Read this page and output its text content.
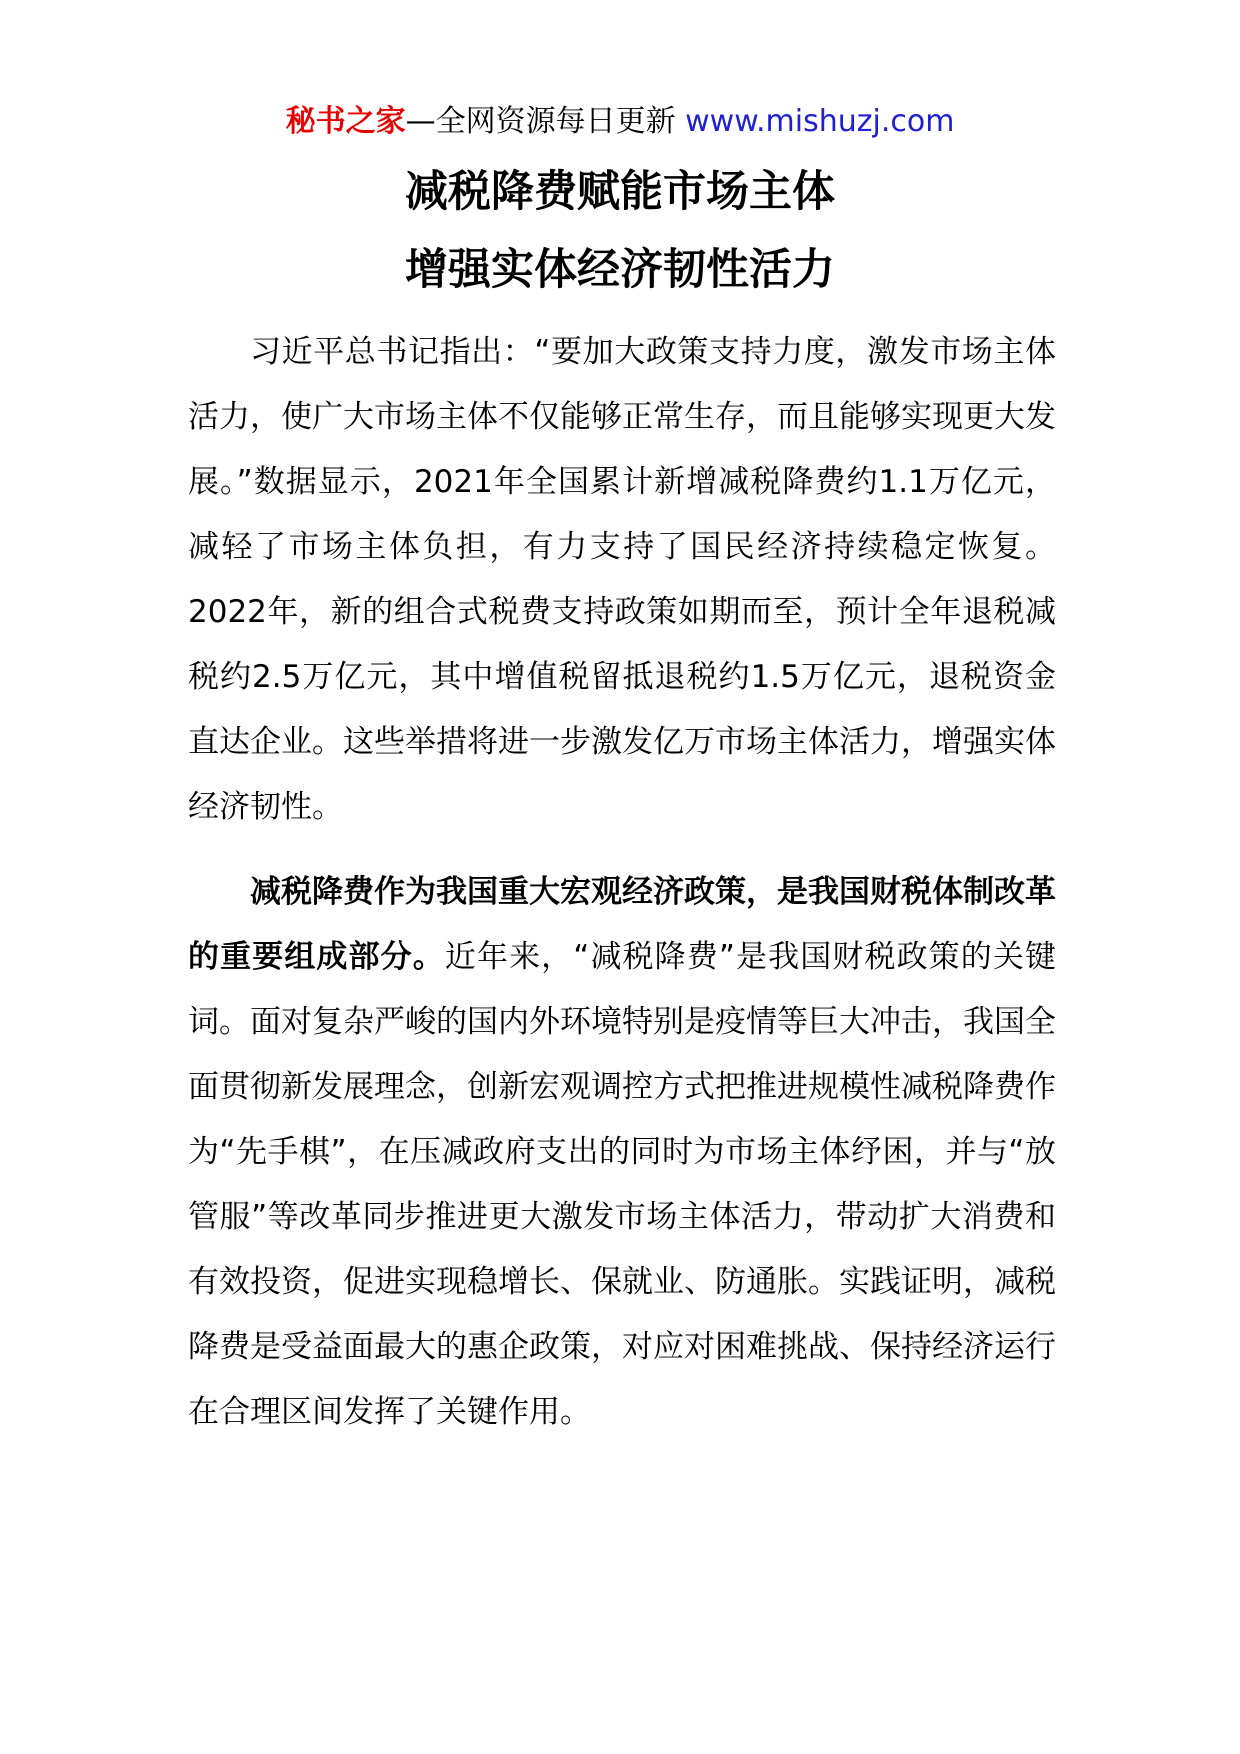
秘书之家—全网资源每日更新 www.mishuzj.com
减税降费赋能市场主体
增强实体经济韧性活力

习近平总书记指出：“要加大政策支持力度，激发市场主体活力，使广大市场主体不仅能够正常生存，而且能够实现更大发展。”数据显示，2021年全国累计新增减税降费约1.1万亿元，减轻了市场主体负担，有力支持了国民经济持续稳定恢复。2022年，新的组合式税费支持政策如期而至，预计全年退税减税约2.5万亿元，其中增值税留抵退税约1.5万亿元，退税资金直达企业。这些举措将进一步激发亿万市场主体活力，增强实体经济韧性。

减税降费作为我国重大宏观经济政策，是我国财税体制改革的重要组成部分。近年来，“减税降费”是我国财税政策的关键词。面对复杂严峻的国内外环境特别是疫情等巨大冲击，我国全面贯彻新发展理念，创新宏观调控方式把推进规模性减税降费作为“先手棋”，在压减政府支出的同时为市场主体纾困，并与“放管服”等改革同步推进更大激发市场主体活力，带动扩大消费和有效投资，促进实现稳增长、保就业、防通胀。实践证明，减税降费是受益面最大的惠企政策，对应对困难挑战、保持经济运行在合理区间发挥了关键作用。
